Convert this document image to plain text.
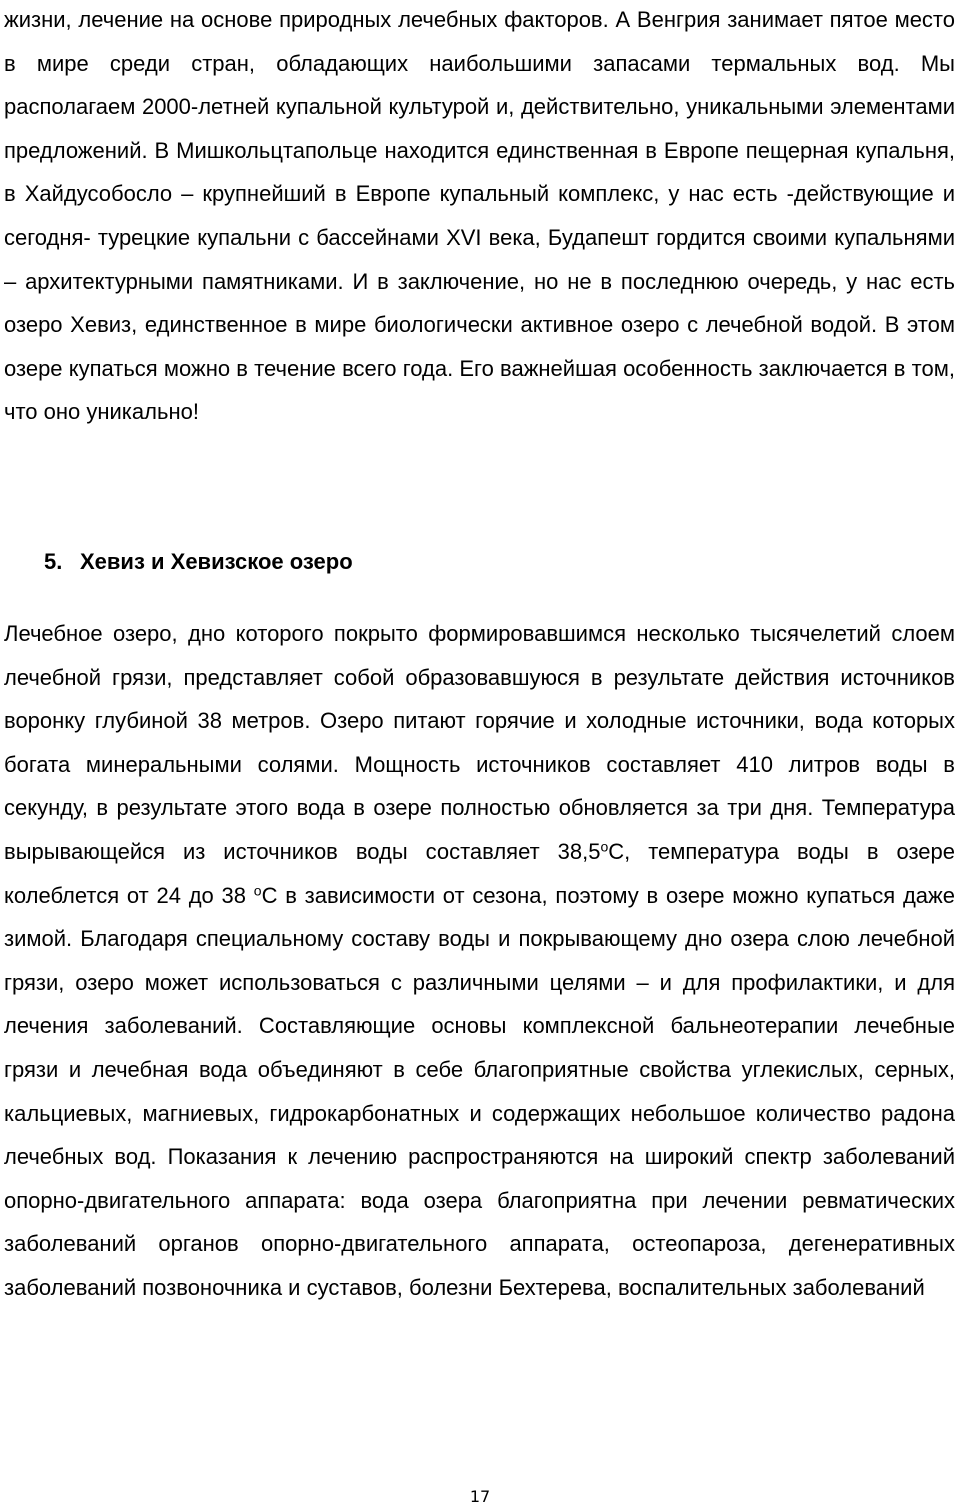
жизни, лечение на основе природных лечебных факторов. А Венгрия занимает пятое место в мире среди стран, обладающих наибольшими запасами термальных вод. Мы располагаем 2000-летней купальной культурой и, действительно, уникальными элементами предложений. В Мишкольцтапольце находится единственная в Европе пещерная купальня, в Хайдусобосло – крупнейший в Европе купальный комплекс, у нас есть -действующие и сегодня- турецкие купальни с бассейнами XVI века, Будапешт гордится своими купальнями – архитектурными памятниками. И в заключение, но не в последнюю очередь, у нас есть озеро Хевиз, единственное в мире биологически активное озеро с лечебной водой. В этом озере купаться можно в течение всего года. Его важнейшая особенность заключается в том, что оно уникально!

5. Хевиз и Хевизское озеро

Лечебное озеро, дно которого покрыто формировавшимся несколько тысячелетий слоем лечебной грязи, представляет собой образовавшуюся в результате действия источников воронку глубиной 38 метров. Озеро питают горячие и холодные источники, вода которых богата минеральными солями. Мощность источников составляет 410 литров воды в секунду, в результате этого вода в озере полностью обновляется за три дня. Температура вырывающейся из источников воды составляет 38,5$^o$С, температура воды в озере колеблется от 24 до 38 $^o$С в зависимости от сезона, поэтому в озере можно купаться даже зимой. Благодаря специальному составу воды и покрывающему дно озера слою лечебной грязи, озеро может использоваться с различными целями – и для профилактики, и для лечения заболеваний. Составляющие основы комплексной бальнеотерапии лечебные грязи и лечебная вода объединяют в себе благоприятные свойства углекислых, серных, кальциевых, магниевых, гидрокарбонатных и содержащих небольшое количество радона лечебных вод. Показания к лечению распространяются на широкий спектр заболеваний опорно-двигательного аппарата: вода озера благоприятна при лечении ревматических заболеваний органов опорно-двигательного аппарата, остеопароза, дегенеративных заболеваний позвоночника и суставов, болезни Бехтерева, воспалительных заболеваний

17
